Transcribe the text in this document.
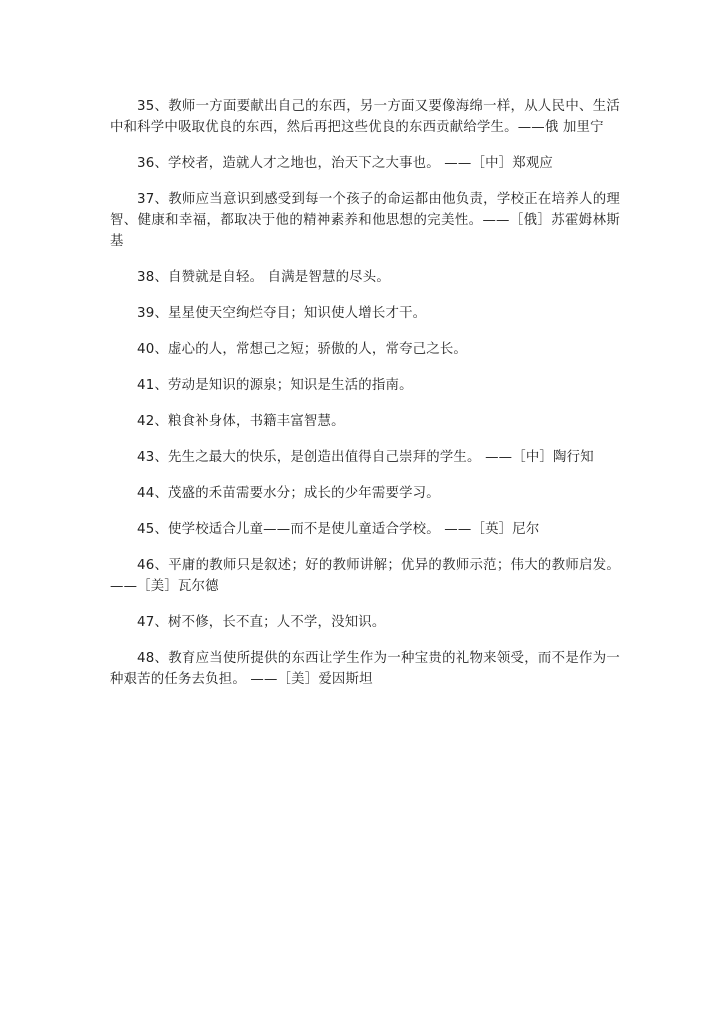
35、教师一方面要献出自己的东西，另一方面又要像海绵一样，从人民中、生活中和科学中吸取优良的东西，然后再把这些优良的东西贡献给学生。——俄 加里宁

36、学校者，造就人才之地也，治天下之大事也。 ——［中］郑观应

37、教师应当意识到感受到每一个孩子的命运都由他负责，学校正在培养人的理智、健康和幸福，都取决于他的精神素养和他思想的完美性。——［俄］苏霍姆林斯基

38、自赞就是自轻。 自满是智慧的尽头。

39、星星使天空绚烂夺目；知识使人增长才干。

40、虚心的人，常想己之短；骄傲的人，常夸己之长。

41、劳动是知识的源泉；知识是生活的指南。

42、粮食补身体，书籍丰富智慧。

43、先生之最大的快乐，是创造出值得自己崇拜的学生。 ——［中］陶行知

44、茂盛的禾苗需要水分；成长的少年需要学习。

45、使学校适合儿童——而不是使儿童适合学校。 ——［英］尼尔

46、平庸的教师只是叙述；好的教师讲解；优异的教师示范；伟大的教师启发。 ——［美］瓦尔德

47、树不修，长不直；人不学，没知识。

48、教育应当使所提供的东西让学生作为一种宝贵的礼物来领受，而不是作为一种艰苦的任务去负担。 ——［美］爱因斯坦
